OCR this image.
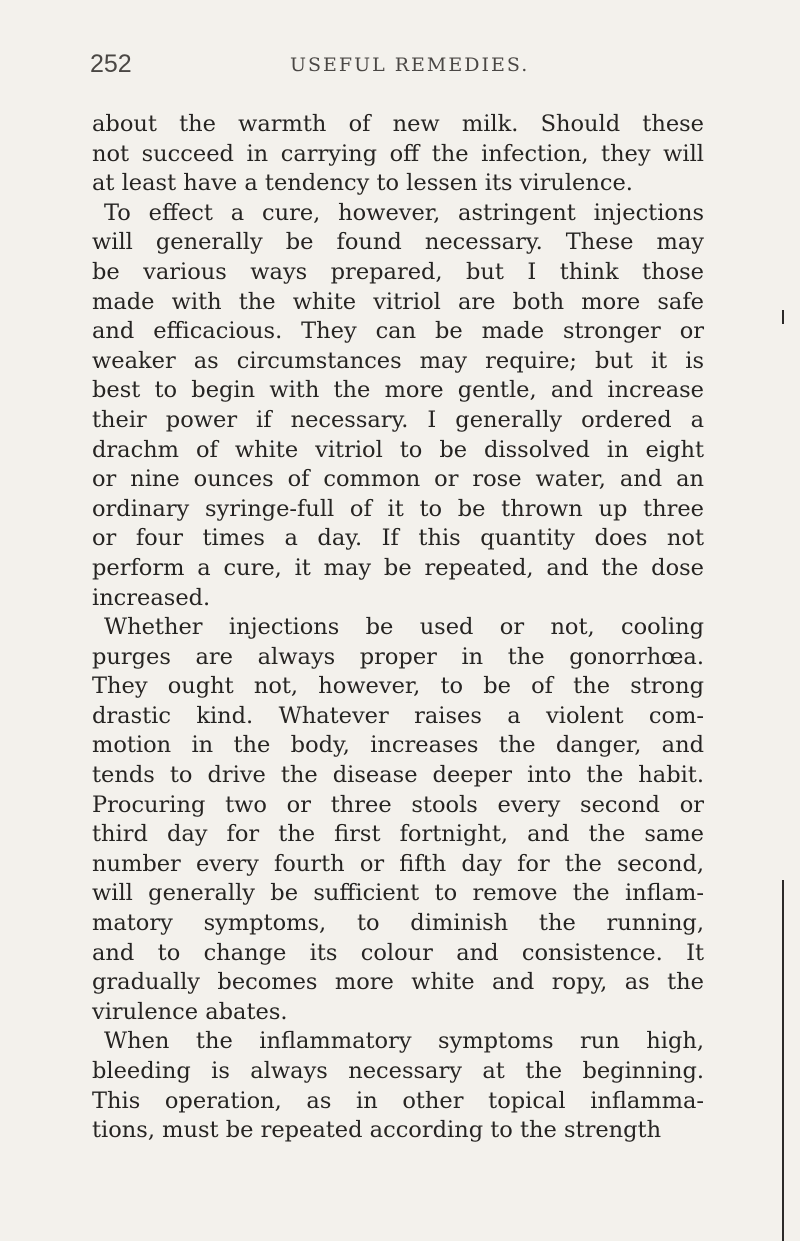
252	USEFUL REMEDIES.
about the warmth of new milk. Should these
not succeed in carrying off the infection, they will
at least have a tendency to lessen its virulence.
To effect a cure, however, astringent injections
will generally be found necessary. These may
be various ways prepared, but I think those
made with the white vitriol are both more safe
and efficacious. They can be made stronger or
weaker as circumstances may require; but it is
best to begin with the more gentle, and increase
their power if necessary. I generally ordered a
drachm of white vitriol to be dissolved in eight
or nine ounces of common or rose water, and an
ordinary syringe-full of it to be thrown up three
or four times a day. If this quantity does not
perform a cure, it may be repeated, and the dose
increased.
Whether injections be used or not, cooling
purges are always proper in the gonorrhœa.
They ought not, however, to be of the strong
drastic kind. Whatever raises a violent com-
motion in the body, increases the danger, and
tends to drive the disease deeper into the habit.
Procuring two or three stools every second or
third day for the first fortnight, and the same
number every fourth or fifth day for the second,
will generally be sufficient to remove the inflam-
matory symptoms, to diminish the running,
and to change its colour and consistence. It
gradually becomes more white and ropy, as the
virulence abates.
When the inflammatory symptoms run high,
bleeding is always necessary at the beginning.
This operation, as in other topical inflamma-
tions, must be repeated according to the strength
